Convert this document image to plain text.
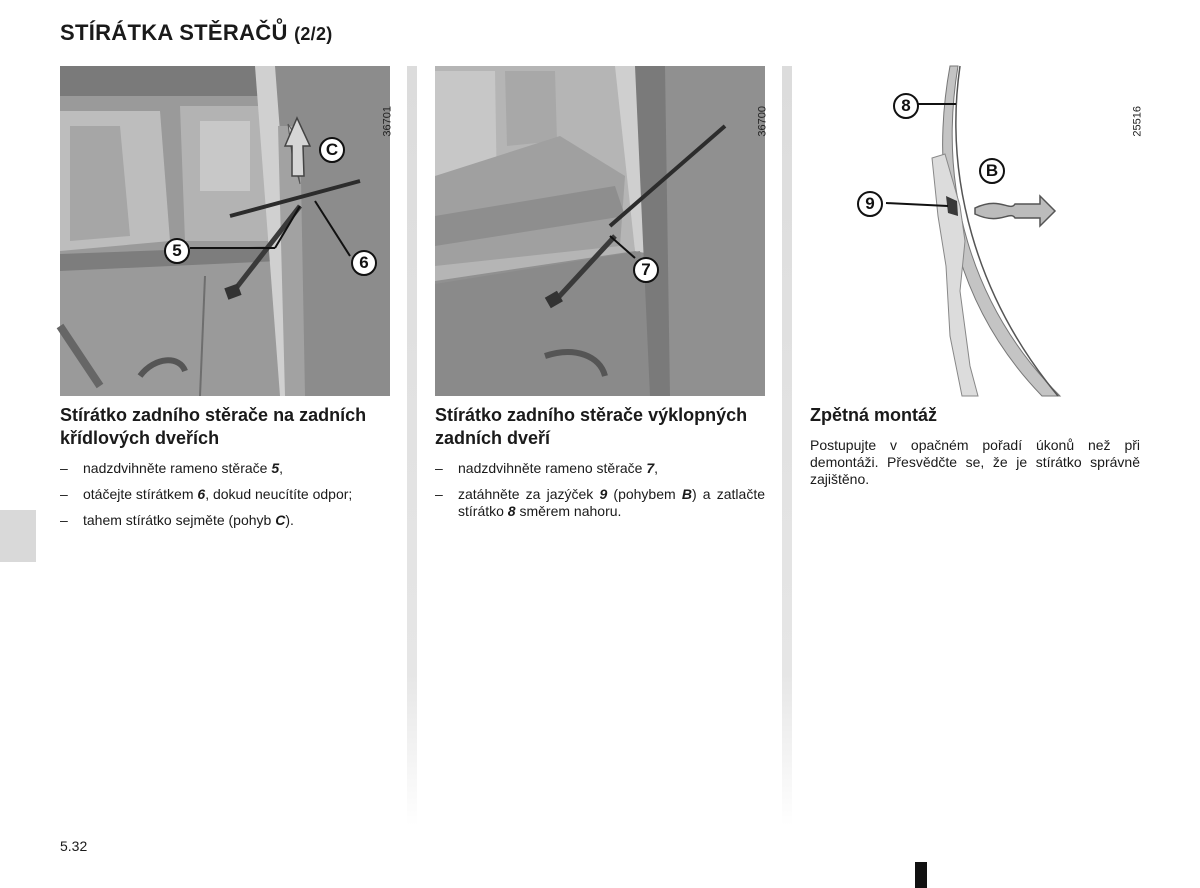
STÍRÁTKA STĚRAČŮ (2/2)
36701
C
5
6
Stírátko zadního stěrače na zadních křídlových dveřích
– nadzdvihněte rameno stěrače 5,
– otáčejte stírátkem 6, dokud neucítíte odpor;
– tahem stírátko sejměte (pohyb C).
36700
7
Stírátko zadního stěrače výklopných zadních dveří
– nadzdvihněte rameno stěrače 7,
– zatáhněte za jazýček 9 (pohybem B) a zatlačte stírátko 8 směrem nahoru.
25516
8
B
9
Zpětná montáž

Postupujte v opačném pořadí úkonů než při demontáži. Přesvědčte se, že je stírátko správně zajištěno.

5.32
